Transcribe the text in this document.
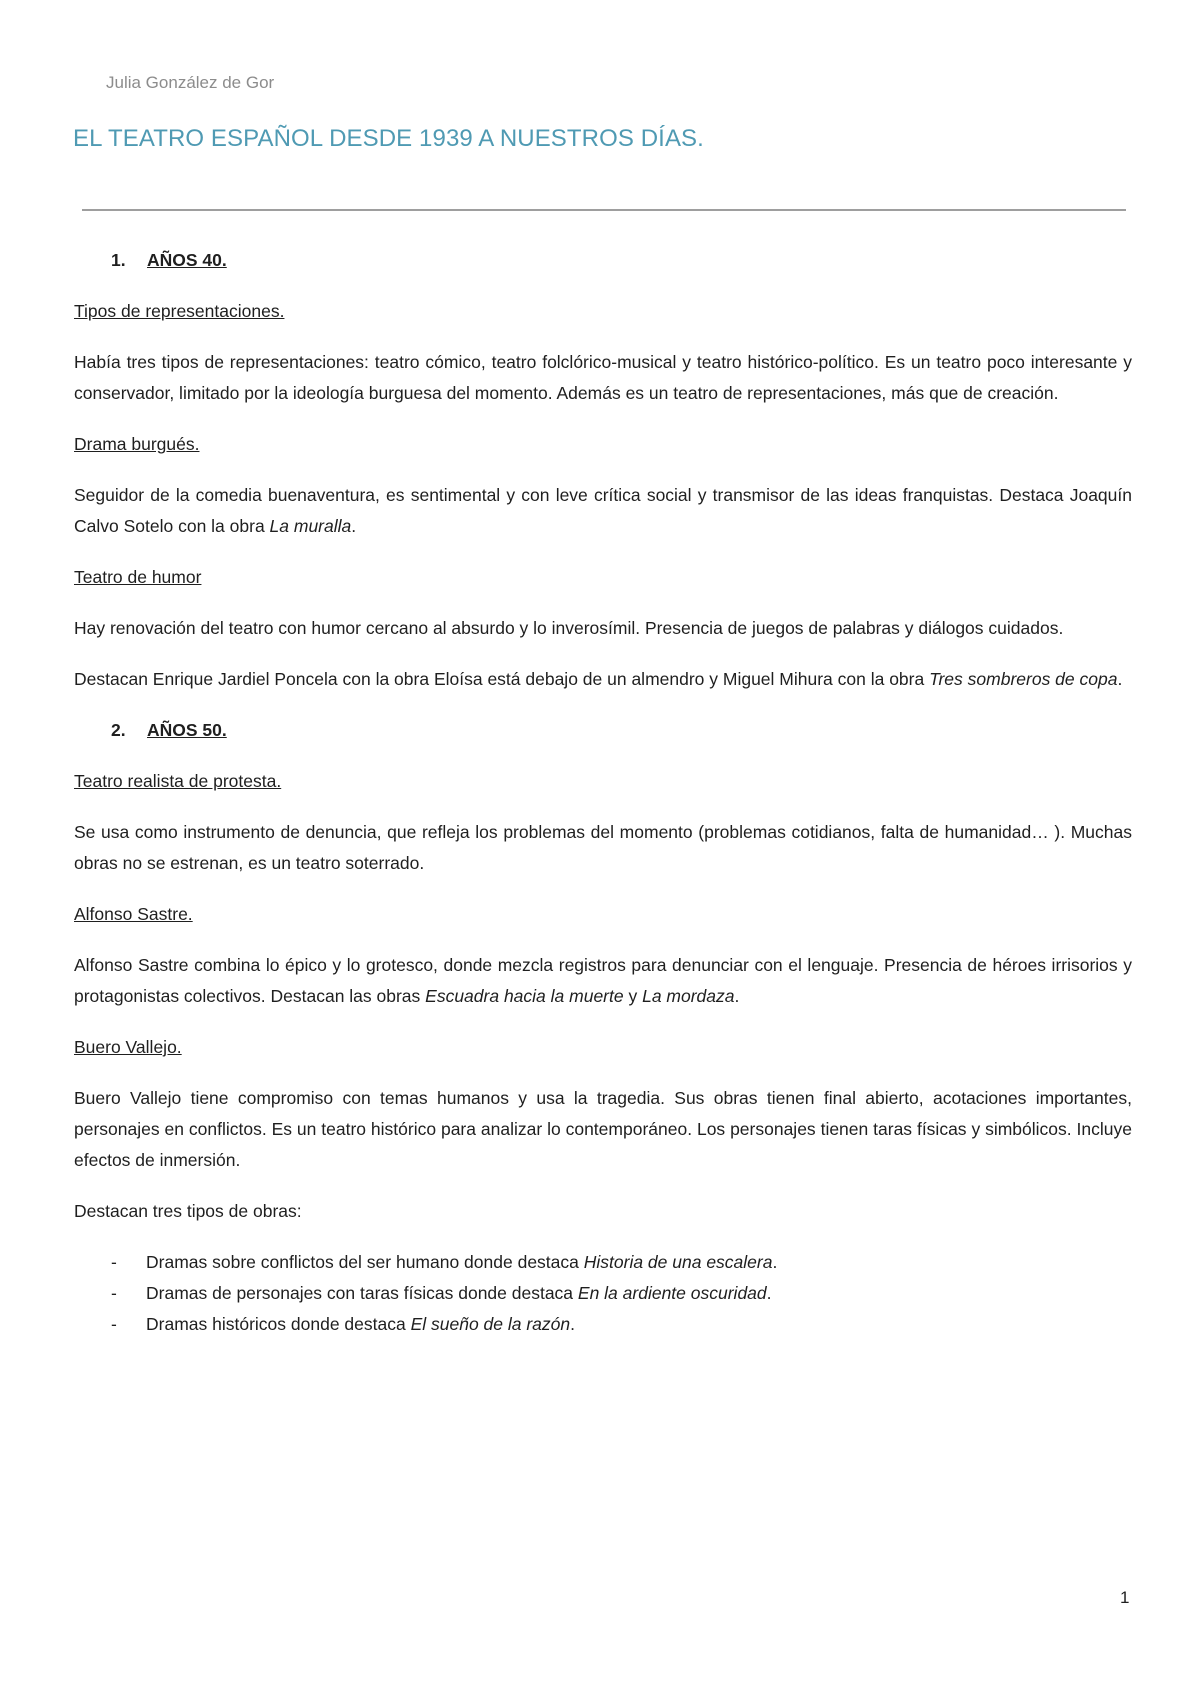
Julia González de Gor
EL TEATRO ESPAÑOL DESDE 1939 A NUESTROS DÍAS.
1.	AÑOS 40.
Tipos de representaciones.

Había tres tipos de representaciones: teatro cómico, teatro folclórico-musical y teatro histórico-político. Es un teatro poco interesante y conservador, limitado por la ideología burguesa del momento. Además es un teatro de representaciones, más que de creación.

Drama burgués.

Seguidor de la comedia buenaventura, es sentimental y con leve crítica social y transmisor de las ideas franquistas. Destaca Joaquín Calvo Sotelo con la obra La muralla.

Teatro de humor

Hay renovación del teatro con humor cercano al absurdo y lo inverosímil. Presencia de juegos de palabras y diálogos cuidados.

Destacan Enrique Jardiel Poncela con la obra Eloísa está debajo de un almendro y Miguel Mihura con la obra Tres sombreros de copa.

2.	AÑOS 50.
Teatro realista de protesta.

Se usa como instrumento de denuncia, que refleja los problemas del momento (problemas cotidianos, falta de humanidad… ). Muchas obras no se estrenan, es un teatro soterrado.

Alfonso Sastre.

Alfonso Sastre combina lo épico y lo grotesco, donde mezcla registros para denunciar con el lenguaje. Presencia de héroes irrisorios y protagonistas colectivos. Destacan las obras Escuadra hacia la muerte y La mordaza.

Buero Vallejo.

Buero Vallejo tiene compromiso con temas humanos y usa la tragedia. Sus obras tienen final abierto, acotaciones importantes, personajes en conflictos. Es un teatro histórico para analizar lo contemporáneo. Los personajes tienen taras físicas y simbólicos. Incluye efectos de inmersión.

Destacan tres tipos de obras:

-	Dramas sobre conflictos del ser humano donde destaca Historia de una escalera.
-	Dramas de personajes con taras físicas donde destaca En la ardiente oscuridad.
-	Dramas históricos donde destaca El sueño de la razón.
1
